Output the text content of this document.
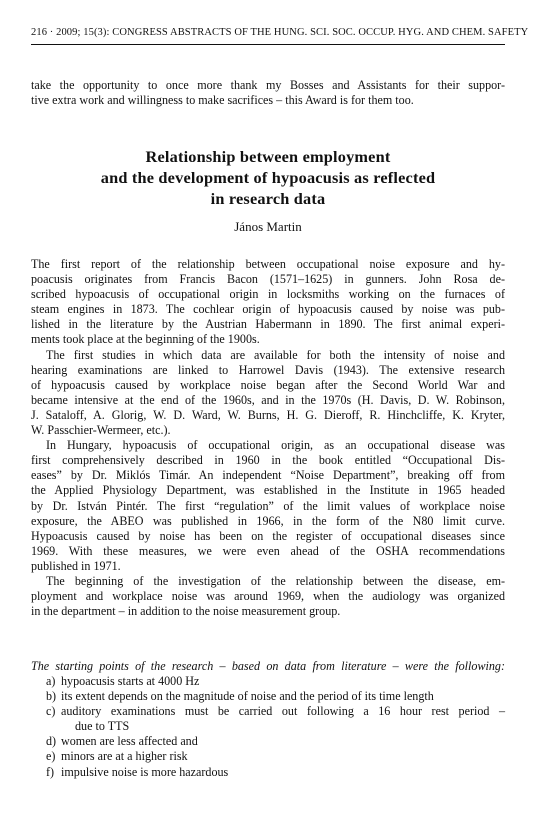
216 · 2009; 15(3): CONGRESS ABSTRACTS OF THE HUNG. SCI. SOC. OCCUP. HYG. AND CHEM. SAFETY
take the opportunity to once more thank my Bosses and Assistants for their suppor-
tive extra work and willingness to make sacrifices – this Award is for them too.
Relationship between employment
and the development of hypoacusis as reflected
in research data
János Martin
The first report of the relationship between occupational noise exposure and hy-
poacusis originates from Francis Bacon (1571–1625) in gunners. John Rosa de-
scribed hypoacusis of occupational origin in locksmiths working on the furnaces of
steam engines in 1873. The cochlear origin of hypoacusis caused by noise was pub-
lished in the literature by the Austrian Habermann in 1890. The first animal experi-
ments took place at the beginning of the 1900s.
The first studies in which data are available for both the intensity of noise and
hearing examinations are linked to Harrowel Davis (1943). The extensive research
of hypoacusis caused by workplace noise began after the Second World War and
became intensive at the end of the 1960s, and in the 1970s (H. Davis, D. W. Robinson,
J. Sataloff, A. Glorig, W. D. Ward, W. Burns, H. G. Dieroff, R. Hinchcliffe, K. Kryter,
W. Passchier-Wermeer, etc.).
In Hungary, hypoacusis of occupational origin, as an occupational disease was
first comprehensively described in 1960 in the book entitled “Occupational Dis-
eases” by Dr. Miklós Timár. An independent “Noise Department”, breaking off from
the Applied Physiology Department, was established in the Institute in 1965 headed
by Dr. István Pintér. The first “regulation” of the limit values of workplace noise
exposure, the ABEO was published in 1966, in the form of the N80 limit curve.
Hypoacusis caused by noise has been on the register of occupational diseases since
1969. With these measures, we were even ahead of the OSHA recommendations
published in 1971.
The beginning of the investigation of the relationship between the disease, em-
ployment and workplace noise was around 1969, when the audiology was organized
in the department – in addition to the noise measurement group.
The starting points of the research – based on data from literature – were the following:
a) hypoacusis starts at 4000 Hz
b) its extent depends on the magnitude of noise and the period of its time length
c) auditory examinations must be carried out following a 16 hour rest period –
due to TTS
d) women are less affected and
e) minors are at a higher risk
f) impulsive noise is more hazardous
